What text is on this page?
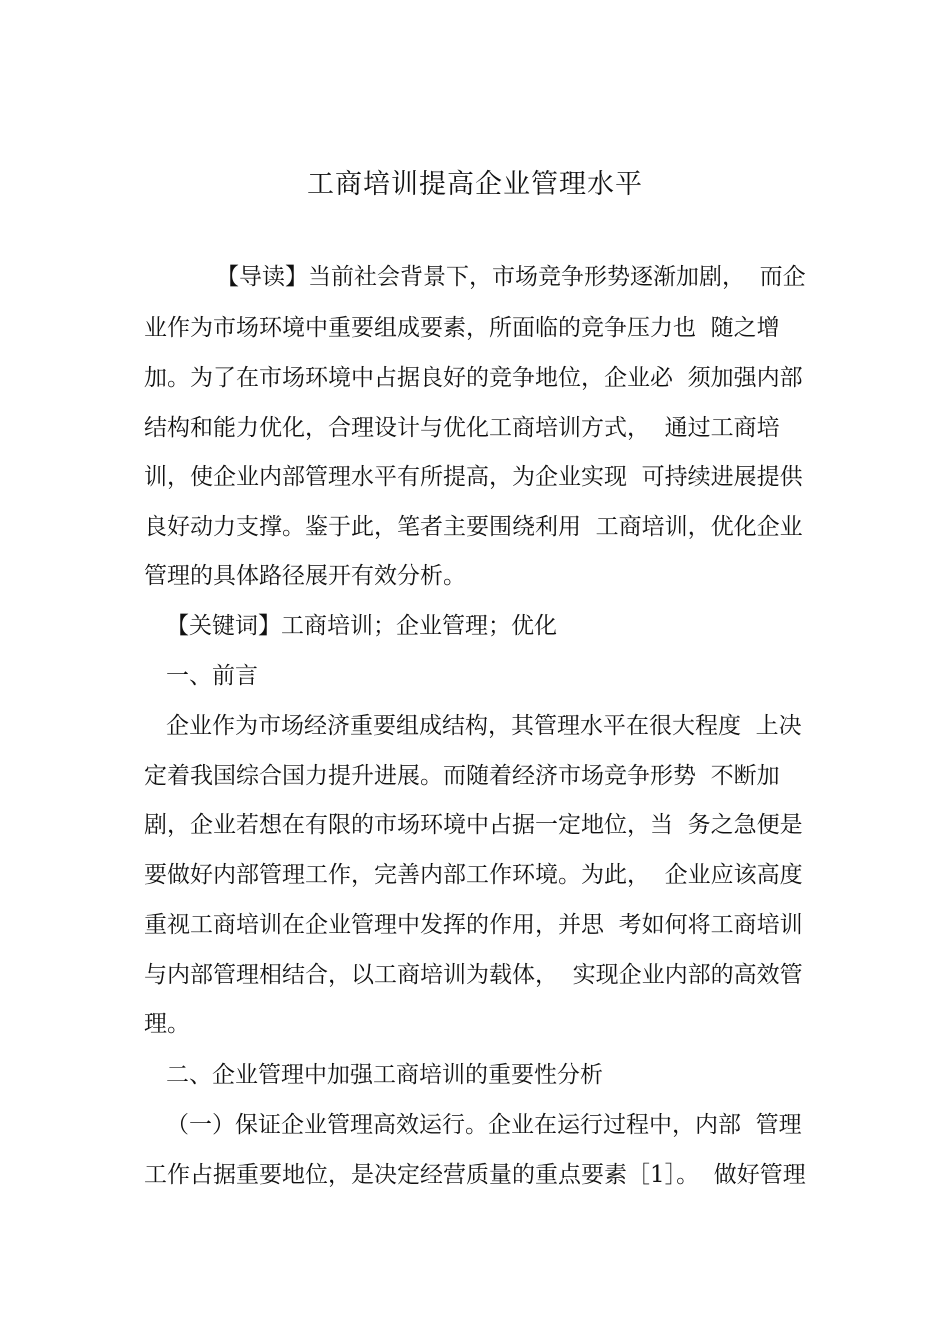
工商培训提高企业管理水平
【导读】当前社会背景下，市场竞争形势逐渐加剧，  而企
业作为市场环境中重要组成要素，所面临的竞争压力也  随之增
加。为了在市场环境中占据良好的竞争地位，企业必  须加强内部
结构和能力优化，合理设计与优化工商培训方式，  通过工商培
训，使企业内部管理水平有所提高，为企业实现  可持续进展提供
良好动力支撑。鉴于此，笔者主要围绕利用  工商培训，优化企业
管理的具体路径展开有效分析。
【关键词】工商培训；企业管理；优化
一、前言
企业作为市场经济重要组成结构，其管理水平在很大程度  上决
定着我国综合国力提升进展。而随着经济市场竞争形势  不断加
剧，企业若想在有限的市场环境中占据一定地位，当  务之急便是
要做好内部管理工作，完善内部工作环境。为此，  企业应该高度
重视工商培训在企业管理中发挥的作用，并思  考如何将工商培训
与内部管理相结合，以工商培训为载体，  实现企业内部的高效管
理。
二、企业管理中加强工商培训的重要性分析
（一）保证企业管理高效运行。企业在运行过程中，内部  管理
工作占据重要地位，是决定经营质量的重点要素［1］。  做好管理
